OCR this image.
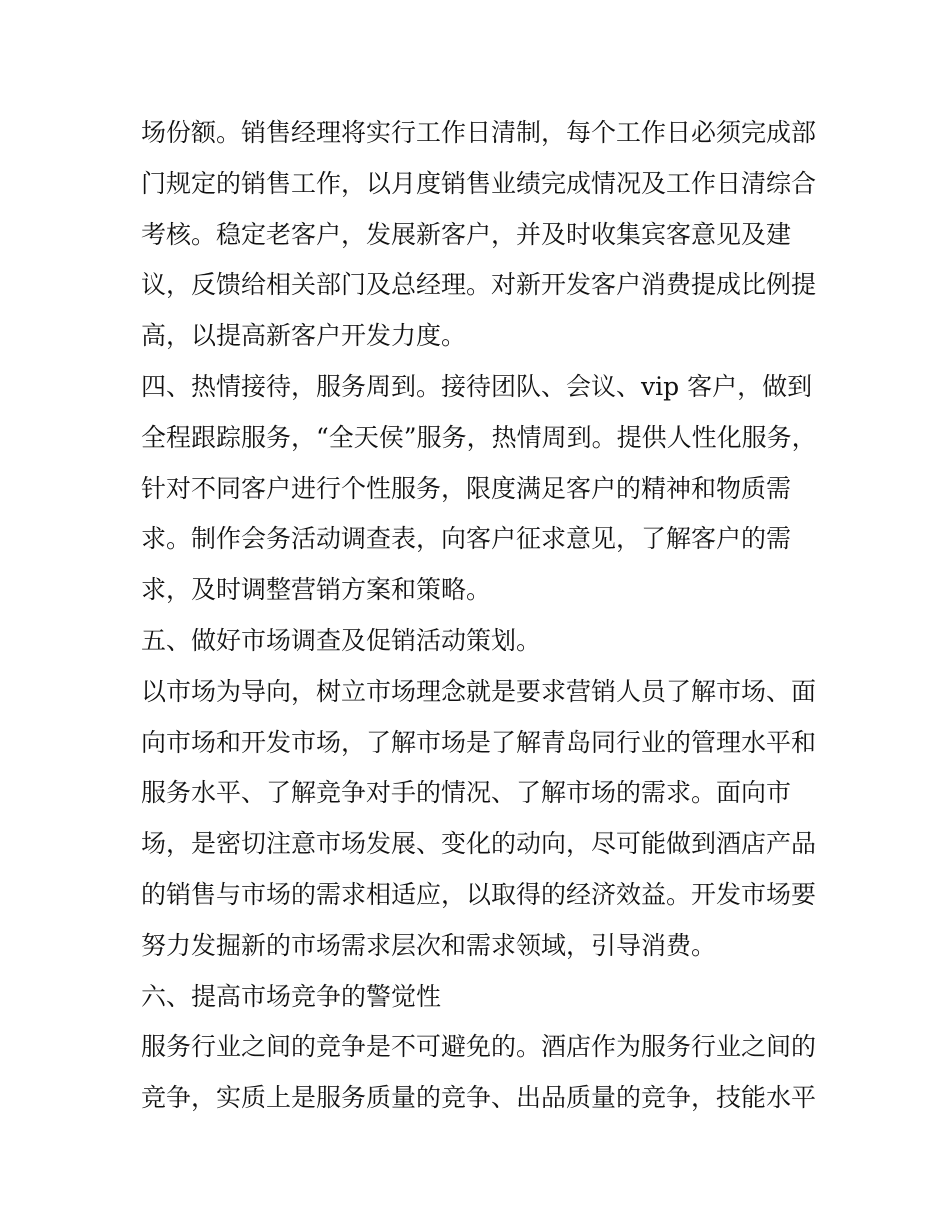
场份额。销售经理将实行工作日清制，每个工作日必须完成部
门规定的销售工作，以月度销售业绩完成情况及工作日清综合
考核。稳定老客户，发展新客户，并及时收集宾客意见及建
议，反馈给相关部门及总经理。对新开发客户消费提成比例提
高，以提高新客户开发力度。
四、热情接待，服务周到。接待团队、会议、vip 客户，做到
全程跟踪服务，“全天侯”服务，热情周到。提供人性化服务，
针对不同客户进行个性服务，限度满足客户的精神和物质需
求。制作会务活动调查表，向客户征求意见，了解客户的需
求，及时调整营销方案和策略。
五、做好市场调查及促销活动策划。
以市场为导向，树立市场理念就是要求营销人员了解市场、面
向市场和开发市场，了解市场是了解青岛同行业的管理水平和
服务水平、了解竞争对手的情况、了解市场的需求。面向市
场，是密切注意市场发展、变化的动向，尽可能做到酒店产品
的销售与市场的需求相适应，以取得的经济效益。开发市场要
努力发掘新的市场需求层次和需求领域，引导消费。
六、提高市场竞争的警觉性
服务行业之间的竞争是不可避免的。酒店作为服务行业之间的
竞争，实质上是服务质量的竞争、出品质量的竞争，技能水平
